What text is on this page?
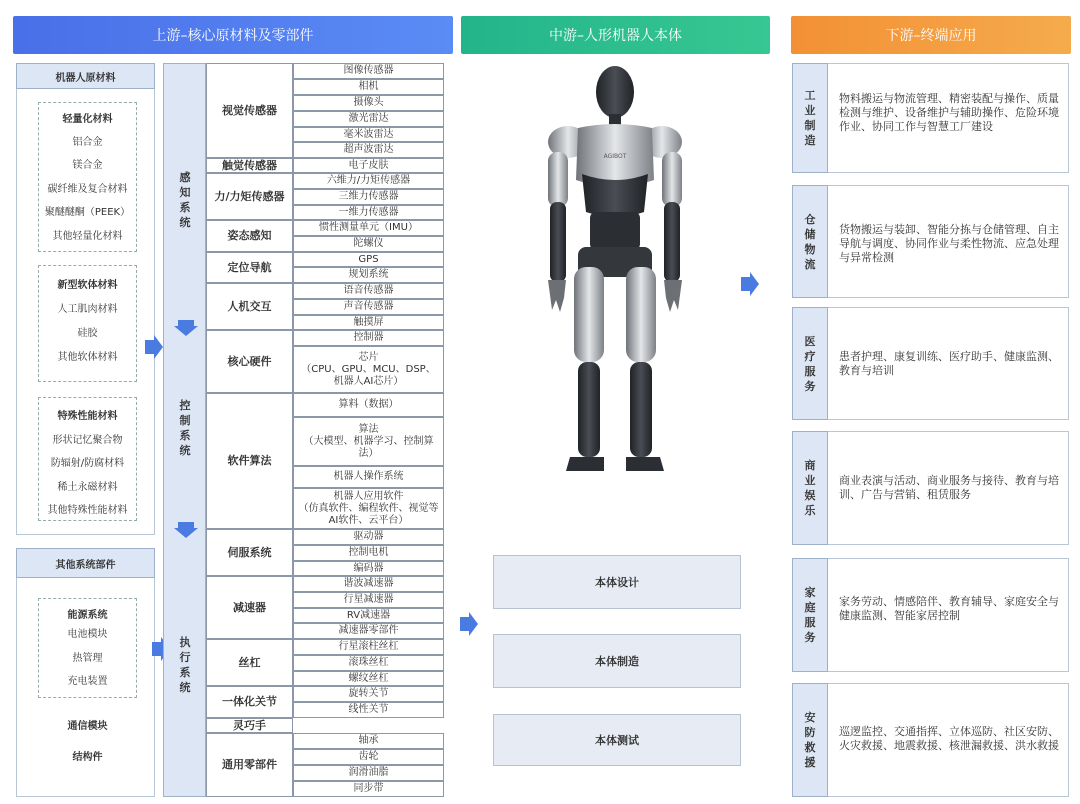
上游–核心原材料及零部件	中游–人形机器人本体	下游–终端应用
机器人原材料
轻量化材料
铝合金
镁合金
碳纤维及复合材料
聚醚醚酮（PEEK）
其他轻量化材料
新型软体材料
人工肌肉材料
硅胶
其他软体材料
特殊性能材料
形状记忆聚合物
防辐射/防腐材料
稀土永磁材料
其他特殊性能材料
其他系统部件
能源系统
电池模块
热管理
充电装置
通信模块
结构件
感知系统
控制系统
执行系统
视觉传感器
触觉传感器
力/力矩传感器
姿态感知
定位导航
人机交互
核心硬件
软件算法
伺服系统
减速器
丝杠
一体化关节
灵巧手
通用零部件
图像传感器
相机
摄像头
激光雷达
毫米波雷达
超声波雷达
电子皮肤
六维力/力矩传感器
三维力传感器
一维力传感器
惯性测量单元（IMU）
陀螺仪
GPS
规划系统
语音传感器
声音传感器
触摸屏
控制器
芯片
（CPU、GPU、MCU、DSP、机器人AI芯片）
算料（数据）
算法
（大模型、机器学习、控制算法）
机器人操作系统
机器人应用软件
（仿真软件、编程软件、视觉等AI软件、云平台）
驱动器
控制电机
编码器
谐波减速器
行星减速器
RV减速器
减速器零部件
行星滚柱丝杠
滚珠丝杠
螺纹丝杠
旋转关节
线性关节
轴承
齿轮
润滑油脂
同步带
AGIBOT
本体设计
本体制造
本体测试
工业制造
物料搬运与物流管理、精密装配与操作、质量检测与维护、设备维护与辅助操作、危险环境作业、协同工作与智慧工厂建设
仓储物流
货物搬运与装卸、智能分拣与仓储管理、自主导航与调度、协同作业与柔性物流、应急处理与异常检测
医疗服务
患者护理、康复训练、医疗助手、健康监测、教育与培训
商业娱乐
商业表演与活动、商业服务与接待、教育与培训、广告与营销、租赁服务
家庭服务
家务劳动、情感陪伴、教育辅导、家庭安全与健康监测、智能家居控制
安防救援
巡逻监控、交通指挥、立体巡防、社区安防、火灾救援、地震救援、核泄漏救援、洪水救援
